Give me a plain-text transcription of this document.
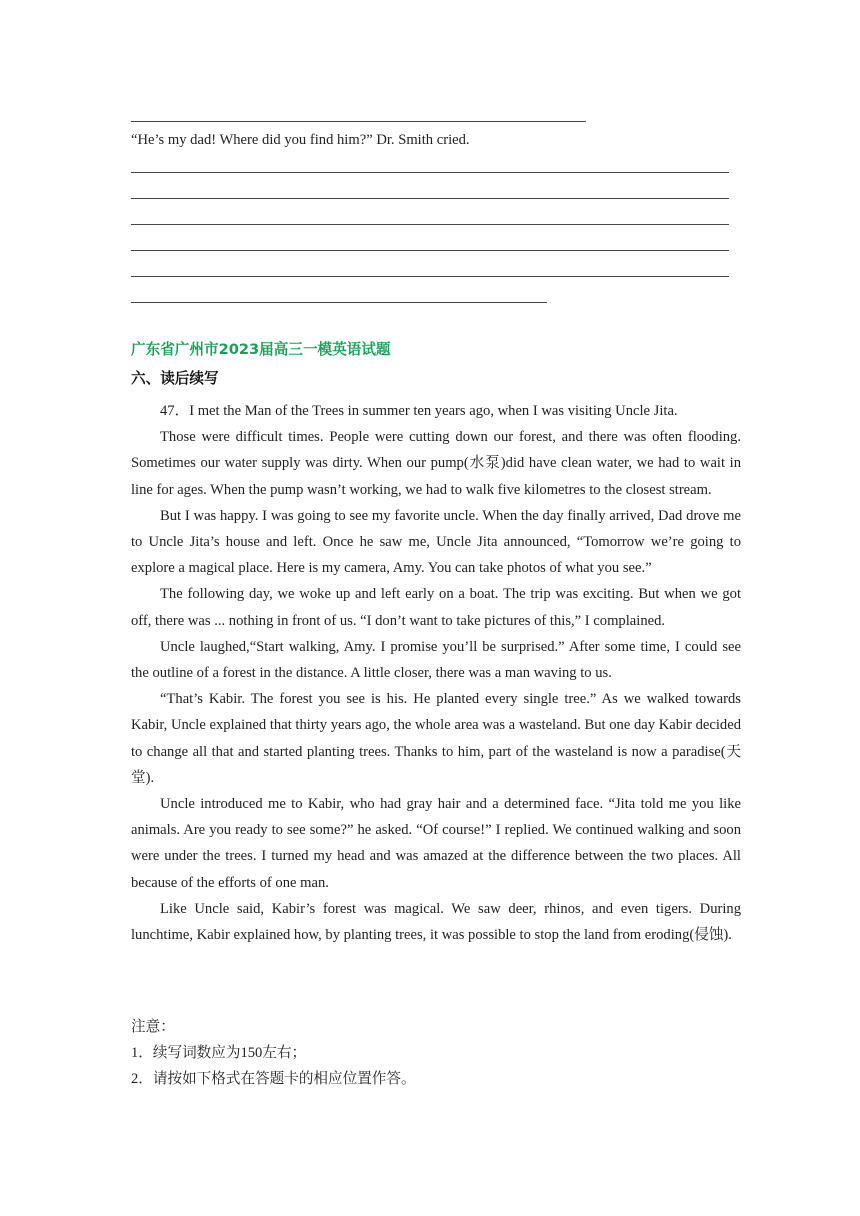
“He’s my dad! Where did you find him?” Dr. Smith cried.
广东省广州市2023届高三一模英语试题
六、读后续写

47．I met the Man of the Trees in summer ten years ago, when I was visiting Uncle Jita.

Those were difficult times. People were cutting down our forest, and there was often flooding. Sometimes our water supply was dirty. When our pump(水泵)did have clean water, we had to wait in line for ages. When the pump wasn’t working, we had to walk five kilometres to the closest stream.

But I was happy. I was going to see my favorite uncle. When the day finally arrived, Dad drove me to Uncle Jita’s house and left. Once he saw me, Uncle Jita announced, “Tomorrow we’re going to explore a magical place. Here is my camera, Amy. You can take photos of what you see.”

The following day, we woke up and left early on a boat. The trip was exciting. But when we got off, there was ... nothing in front of us. “I don’t want to take pictures of this,” I complained.

Uncle laughed,“Start walking, Amy. I promise you’ll be surprised.” After some time, I could see the outline of a forest in the distance. A little closer, there was a man waving to us.

“That’s Kabir. The forest you see is his. He planted every single tree.” As we walked towards Kabir, Uncle explained that thirty years ago, the whole area was a wasteland. But one day Kabir decided to change all that and started planting trees. Thanks to him, part of the wasteland is now a paradise(天堂).

Uncle introduced me to Kabir, who had gray hair and a determined face. “Jita told me you like animals. Are you ready to see some?” he asked. “Of course!” I replied. We continued walking and soon were under the trees. I turned my head and was amazed at the difference between the two places. All because of the efforts of one man.

Like Uncle said, Kabir’s forest was magical. We saw deer, rhinos, and even tigers. During lunchtime, Kabir explained how, by planting trees, it was possible to stop the land from eroding(侵蚀).

注意：
1．续写词数应为150左右；
2．请按如下格式在答题卡的相应位置作答。
